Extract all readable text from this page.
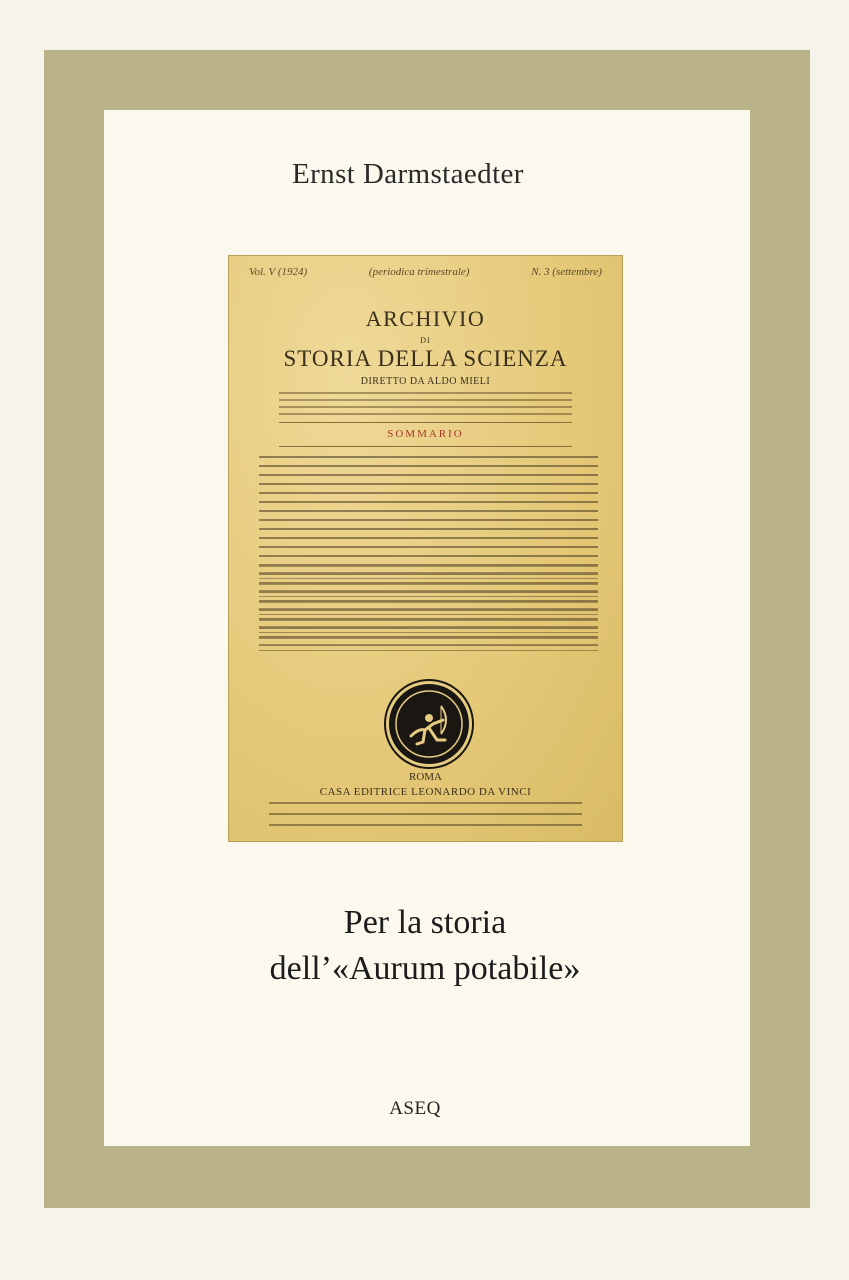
Ernst Darmstaedter
Vol. V (1924)	(periodica trimestrale)	N. 3 (settembre)
ARCHIVIO
DI
STORIA DELLA SCIENZA
DIRETTO DA ALDO MIELI
SOMMARIO
ROMA
CASA EDITRICE LEONARDO DA VINCI
Per la storia
dell’«Aurum potabile»
ASEQ
